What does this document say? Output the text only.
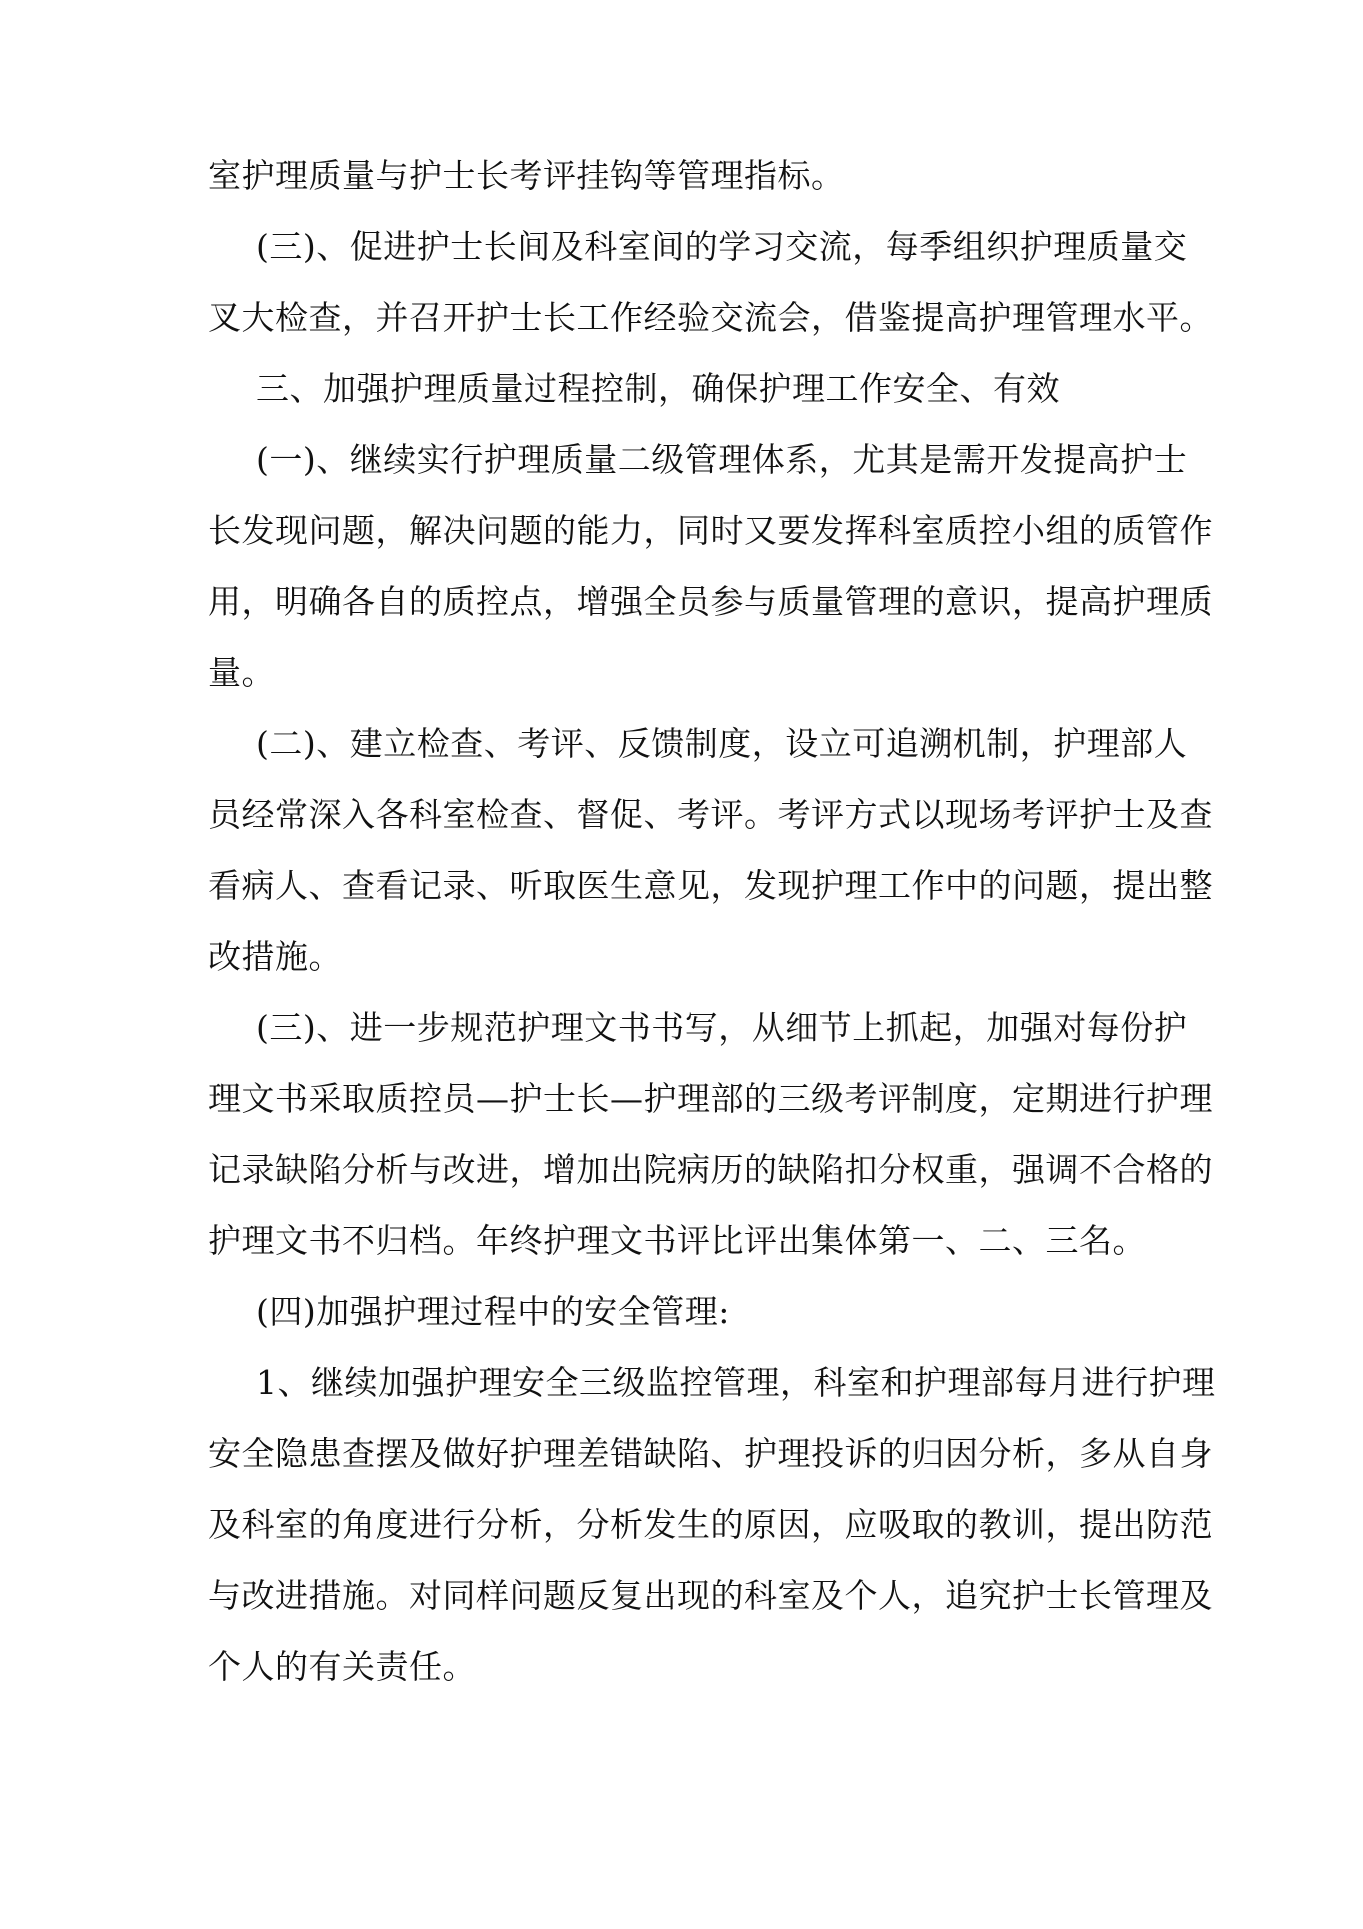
室护理质量与护士长考评挂钩等管理指标。
(三)、促进护士长间及科室间的学习交流，每季组织护理质量交
叉大检查，并召开护士长工作经验交流会，借鉴提高护理管理水平。
三、加强护理质量过程控制，确保护理工作安全、有效
(一)、继续实行护理质量二级管理体系，尤其是需开发提高护士
长发现问题，解决问题的能力，同时又要发挥科室质控小组的质管作
用，明确各自的质控点，增强全员参与质量管理的意识，提高护理质
量。
(二)、建立检查、考评、反馈制度，设立可追溯机制，护理部人
员经常深入各科室检查、督促、考评。考评方式以现场考评护士及查
看病人、查看记录、听取医生意见，发现护理工作中的问题，提出整
改措施。
(三)、进一步规范护理文书书写，从细节上抓起，加强对每份护
理文书采取质控员—护士长—护理部的三级考评制度，定期进行护理
记录缺陷分析与改进，增加出院病历的缺陷扣分权重，强调不合格的
护理文书不归档。年终护理文书评比评出集体第一、二、三名。
(四)加强护理过程中的安全管理:
1、继续加强护理安全三级监控管理，科室和护理部每月进行护理
安全隐患查摆及做好护理差错缺陷、护理投诉的归因分析，多从自身
及科室的角度进行分析，分析发生的原因，应吸取的教训，提出防范
与改进措施。对同样问题反复出现的科室及个人，追究护士长管理及
个人的有关责任。
